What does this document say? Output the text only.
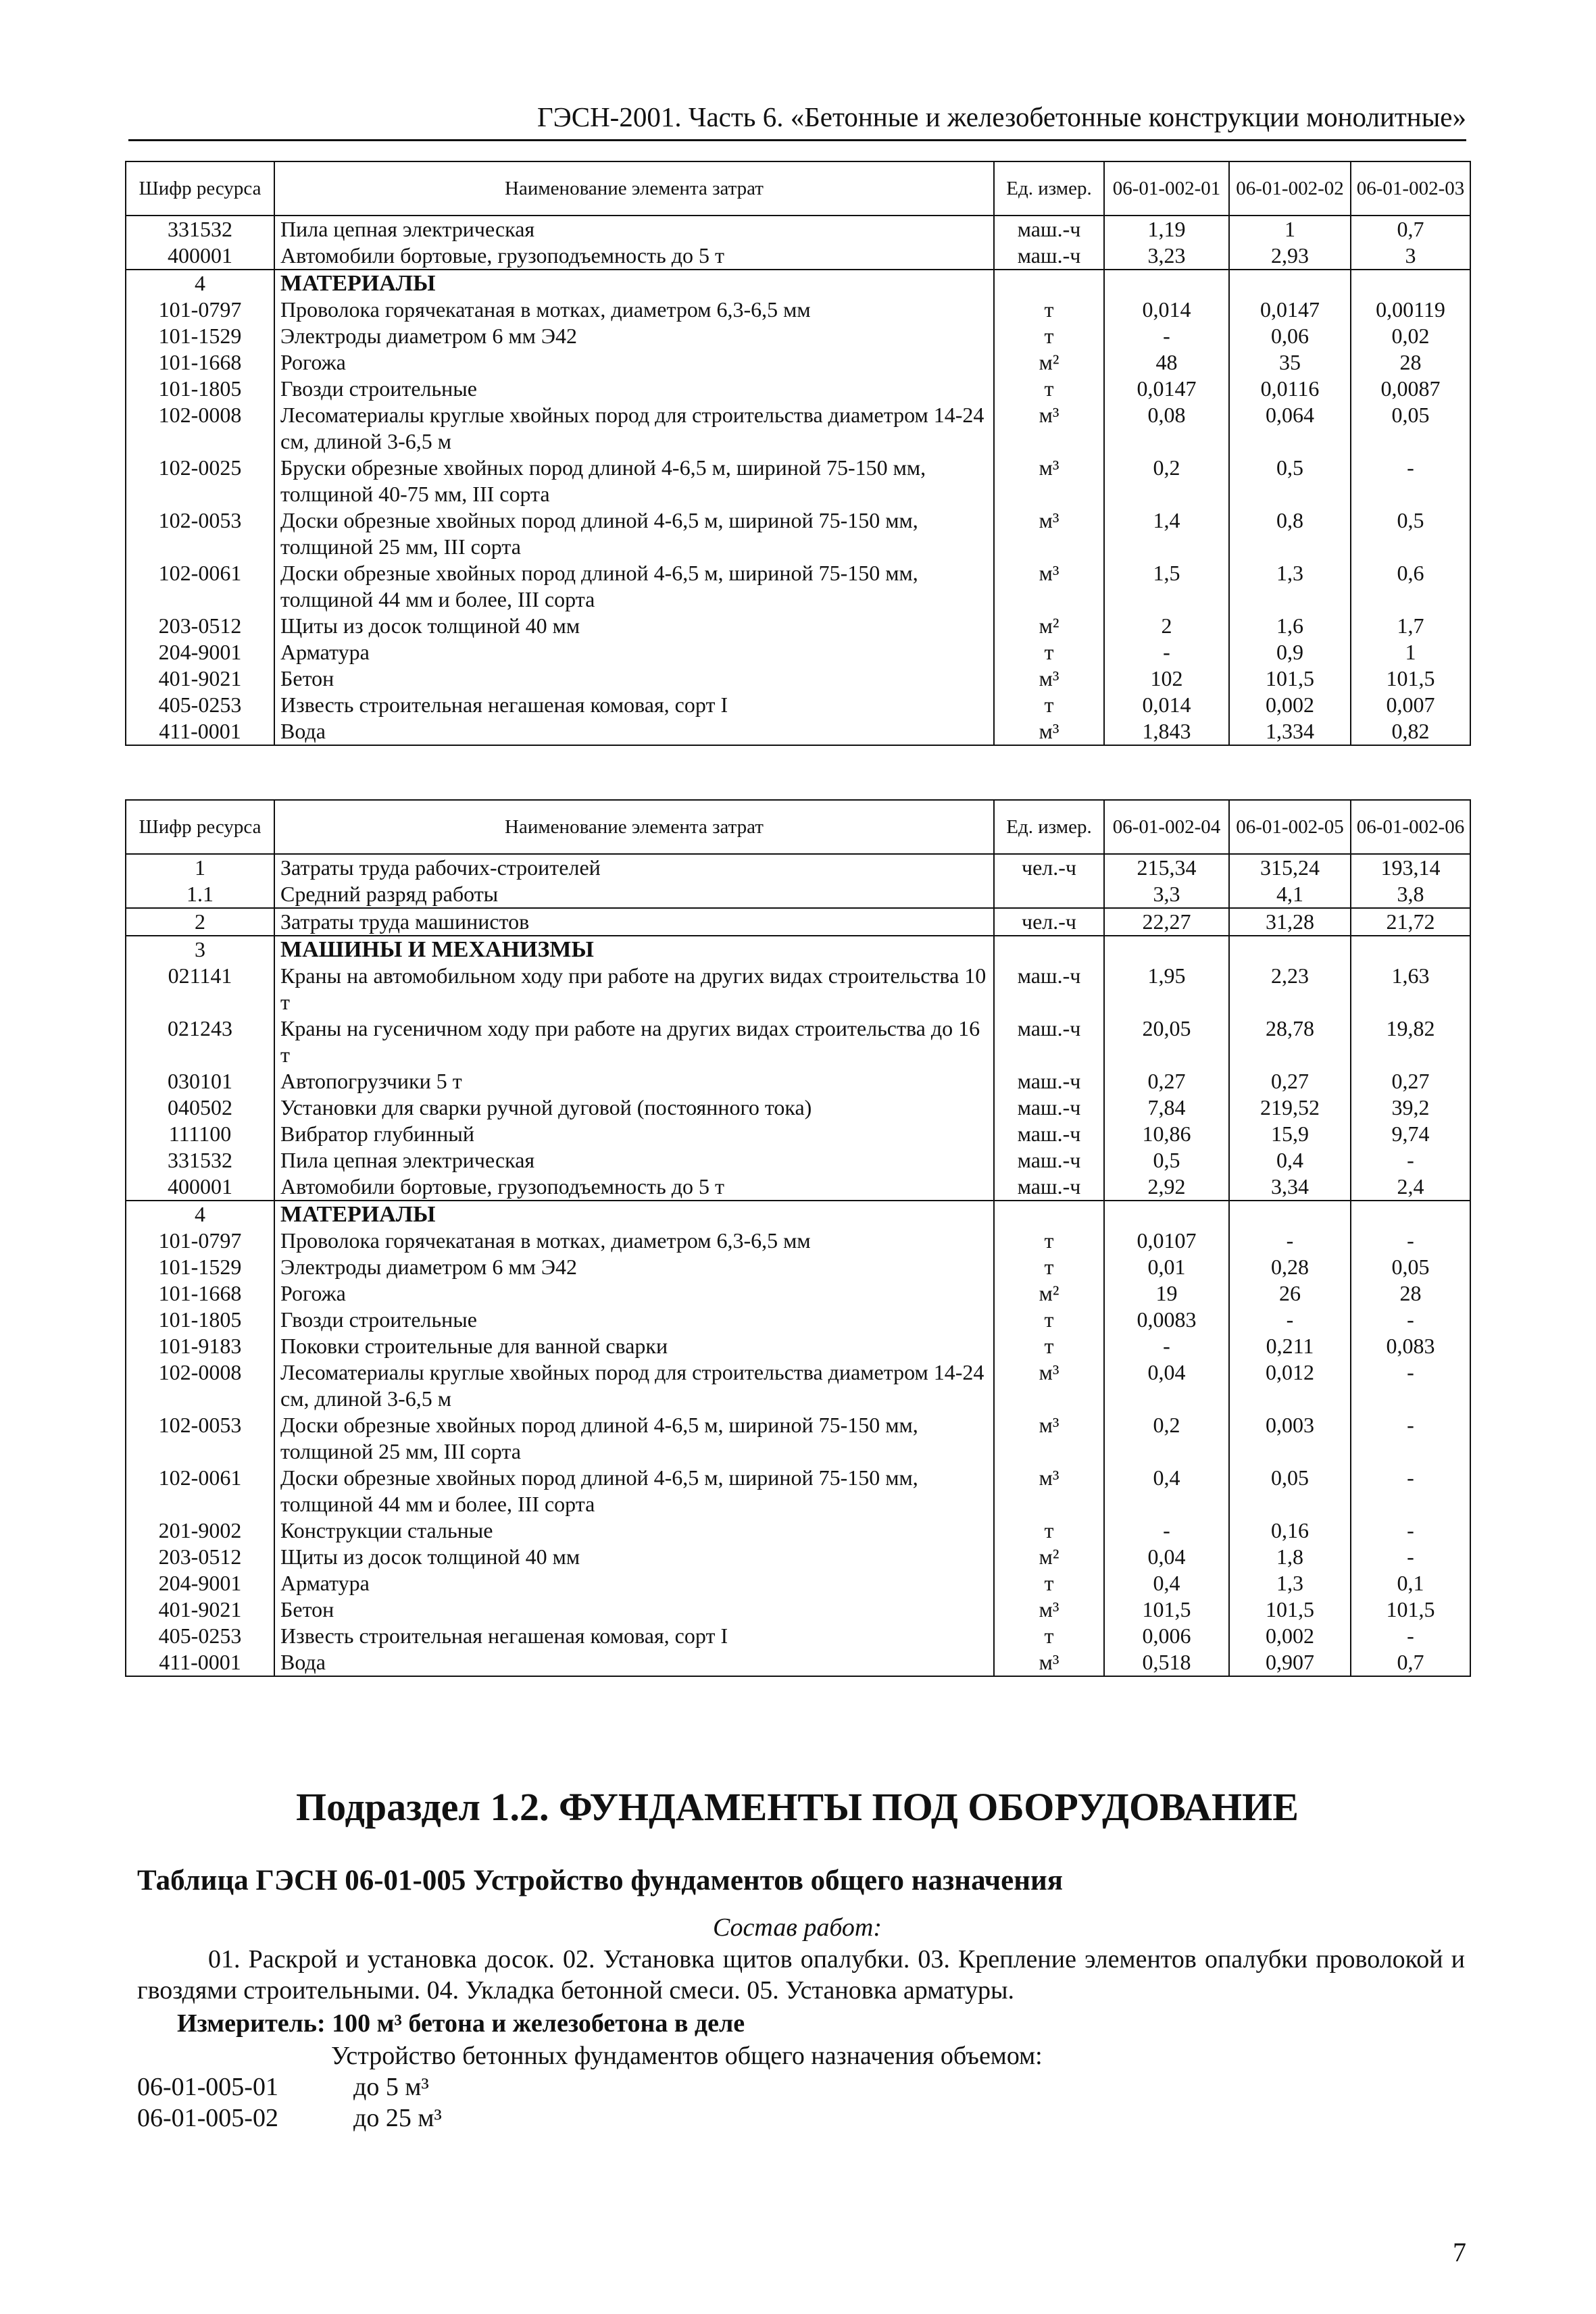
ГЭСН-2001. Часть 6. «Бетонные и железобетонные конструкции монолитные»
Шифр ресурса	Наименование элемента затрат	Ед. измер.	06-01-002-01	06-01-002-02	06-01-002-03
331532	Пила цепная электрическая	маш.-ч	1,19	1	0,7
400001	Автомобили бортовые, грузоподъемность до 5 т	маш.-ч	3,23	2,93	3
4	МАТЕРИАЛЫ				
101-0797	Проволока горячекатаная в мотках, диаметром 6,3-6,5 мм	т	0,014	0,0147	0,00119
101-1529	Электроды диаметром 6 мм Э42	т	-	0,06	0,02
101-1668	Рогожа	м²	48	35	28
101-1805	Гвозди строительные	т	0,0147	0,0116	0,0087
102-0008	Лесоматериалы круглые хвойных пород для строительства диаметром 14-24 см, длиной 3-6,5 м	м³	0,08	0,064	0,05
102-0025	Бруски обрезные хвойных пород длиной 4-6,5 м, шириной 75-150 мм, толщиной 40-75 мм, III сорта	м³	0,2	0,5	-
102-0053	Доски обрезные хвойных пород длиной 4-6,5 м, шириной 75-150 мм, толщиной 25 мм, III сорта	м³	1,4	0,8	0,5
102-0061	Доски обрезные хвойных пород длиной 4-6,5 м, шириной 75-150 мм, толщиной 44 мм и более, III сорта	м³	1,5	1,3	0,6
203-0512	Щиты из досок толщиной 40 мм	м²	2	1,6	1,7
204-9001	Арматура	т	-	0,9	1
401-9021	Бетон	м³	102	101,5	101,5
405-0253	Известь строительная негашеная комовая, сорт I	т	0,014	0,002	0,007
411-0001	Вода	м³	1,843	1,334	0,82
Шифр ресурса	Наименование элемента затрат	Ед. измер.	06-01-002-04	06-01-002-05	06-01-002-06
1	Затраты труда рабочих-строителей	чел.-ч	215,34	315,24	193,14
1.1	Средний разряд работы		3,3	4,1	3,8
2	Затраты труда машинистов	чел.-ч	22,27	31,28	21,72
3	МАШИНЫ И МЕХАНИЗМЫ				
021141	Краны на автомобильном ходу при работе на других видах строительства 10 т	маш.-ч	1,95	2,23	1,63
021243	Краны на гусеничном ходу при работе на других видах строительства до 16 т	маш.-ч	20,05	28,78	19,82
030101	Автопогрузчики 5 т	маш.-ч	0,27	0,27	0,27
040502	Установки для сварки ручной дуговой (постоянного тока)	маш.-ч	7,84	219,52	39,2
111100	Вибратор глубинный	маш.-ч	10,86	15,9	9,74
331532	Пила цепная электрическая	маш.-ч	0,5	0,4	-
400001	Автомобили бортовые, грузоподъемность до 5 т	маш.-ч	2,92	3,34	2,4
4	МАТЕРИАЛЫ				
101-0797	Проволока горячекатаная в мотках, диаметром 6,3-6,5 мм	т	0,0107	-	-
101-1529	Электроды диаметром 6 мм Э42	т	0,01	0,28	0,05
101-1668	Рогожа	м²	19	26	28
101-1805	Гвозди строительные	т	0,0083	-	-
101-9183	Поковки строительные для ванной сварки	т	-	0,211	0,083
102-0008	Лесоматериалы круглые хвойных пород для строительства диаметром 14-24 см, длиной 3-6,5 м	м³	0,04	0,012	-
102-0053	Доски обрезные хвойных пород длиной 4-6,5 м, шириной 75-150 мм, толщиной 25 мм, III сорта	м³	0,2	0,003	-
102-0061	Доски обрезные хвойных пород длиной 4-6,5 м, шириной 75-150 мм, толщиной 44 мм и более, III сорта	м³	0,4	0,05	-
201-9002	Конструкции стальные	т	-	0,16	-
203-0512	Щиты из досок толщиной 40 мм	м²	0,04	1,8	-
204-9001	Арматура	т	0,4	1,3	0,1
401-9021	Бетон	м³	101,5	101,5	101,5
405-0253	Известь строительная негашеная комовая, сорт I	т	0,006	0,002	-
411-0001	Вода	м³	0,518	0,907	0,7
Подраздел 1.2. ФУНДАМЕНТЫ ПОД ОБОРУДОВАНИЕ
Таблица ГЭСН 06-01-005 Устройство фундаментов общего назначения
Состав работ:
01. Раскрой и установка досок. 02. Установка щитов опалубки. 03. Крепление элементов опалубки проволокой и гвоздями строительными. 04. Укладка бетонной смеси. 05. Установка арматуры.
Измеритель: 100 м³ бетона и железобетона в деле
Устройство бетонных фундаментов общего назначения объемом:
06-01-005-01	до 5 м³
06-01-005-02	до 25 м³
7
